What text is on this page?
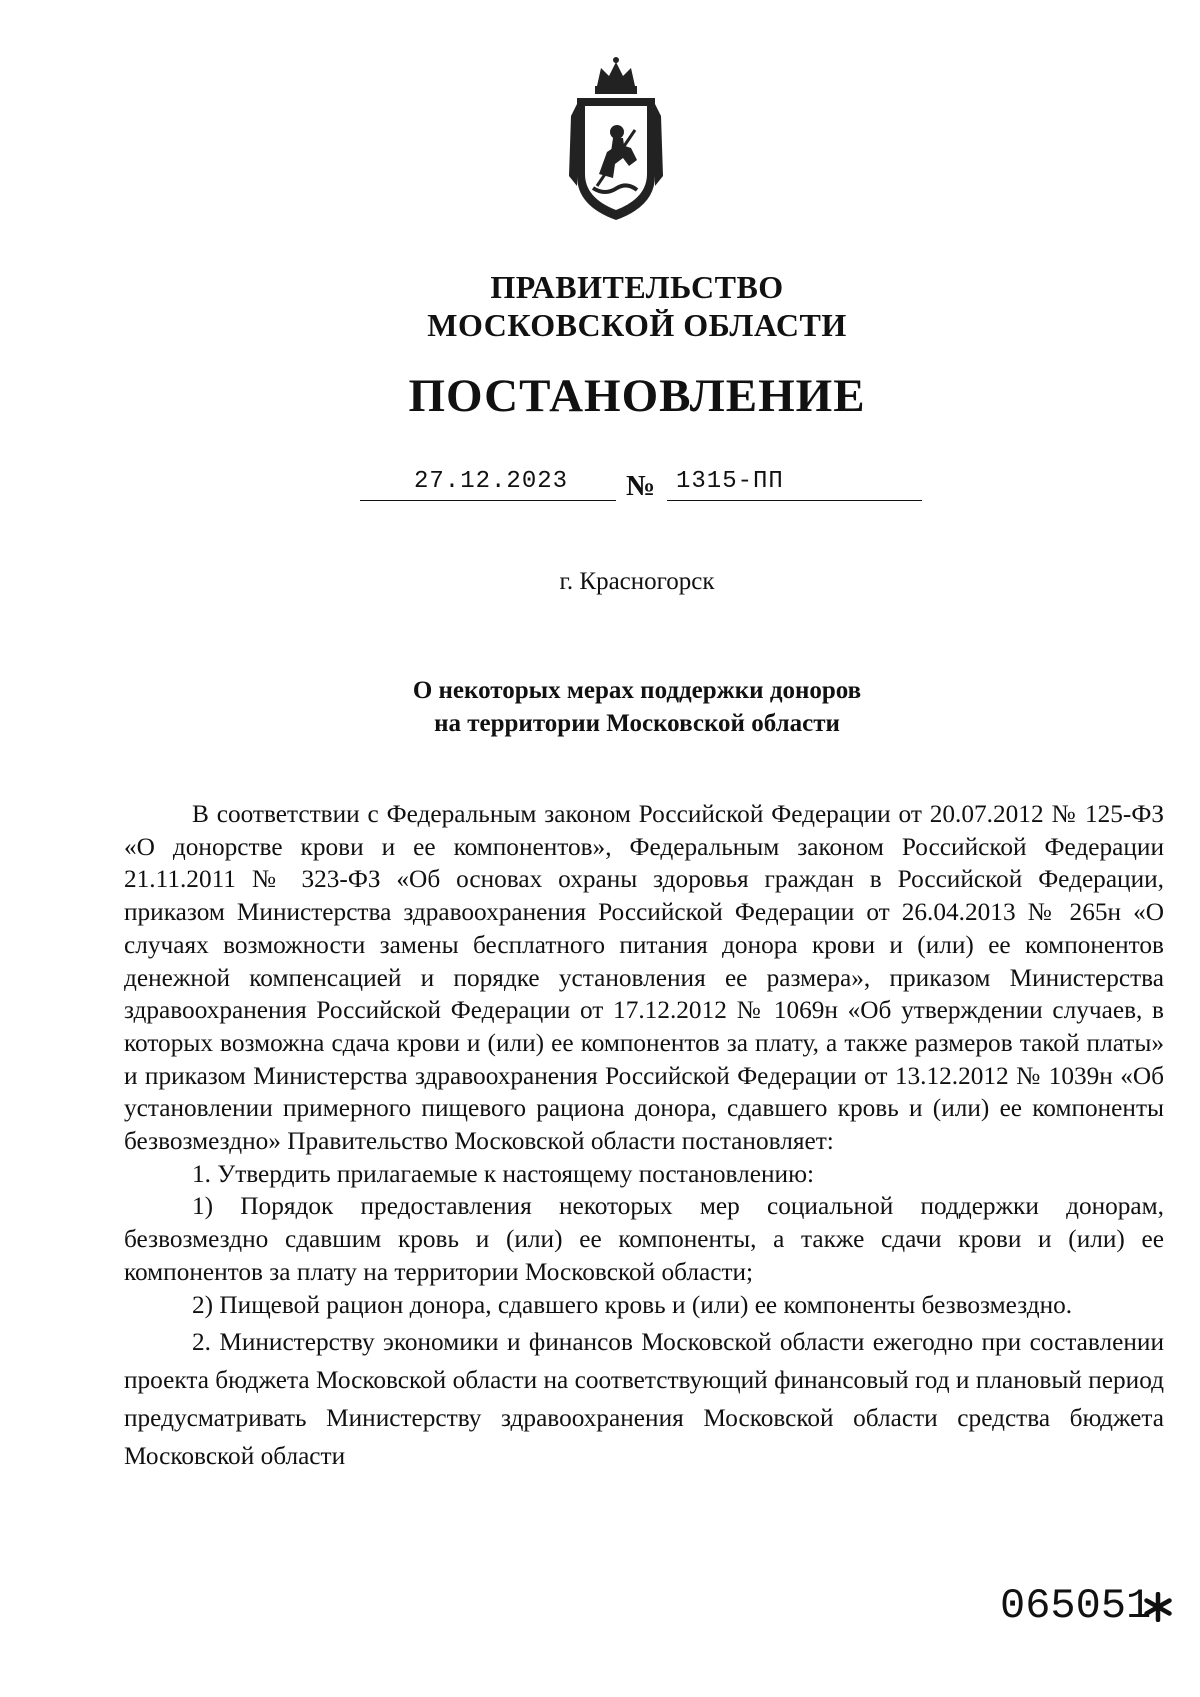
ПРАВИТЕЛЬСТВО
МОСКОВСКОЙ ОБЛАСТИ
ПОСТАНОВЛЕНИЕ
27.12.2023 № 1315-ПП
г. Красногорск
О некоторых мерах поддержки доноров
на территории Московской области

В соответствии с Федеральным законом Российской Федерации от 20.07.2012 № 125-ФЗ «О донорстве крови и ее компонентов», Федеральным законом Российской Федерации 21.11.2011 № 323-ФЗ «Об основах охраны здоровья граждан в Российской Федерации, приказом Министерства здравоохранения Российской Федерации от 26.04.2013 № 265н «О случаях возможности замены бесплатного питания донора крови и (или) ее компонентов денежной компенсацией и порядке установления ее размера», приказом Министерства здравоохранения Российской Федерации от 17.12.2012 № 1069н «Об утверждении случаев, в которых возможна сдача крови и (или) ее компонентов за плату, а также размеров такой платы» и приказом Министерства здравоохранения Российской Федерации от 13.12.2012 № 1039н «Об установлении примерного пищевого рациона донора, сдавшего кровь и (или) ее компоненты безвозмездно» Правительство Московской области постановляет:

1. Утвердить прилагаемые к настоящему постановлению:

1) Порядок предоставления некоторых мер социальной поддержки донорам, безвозмездно сдавшим кровь и (или) ее компоненты, а также сдачи крови и (или) ее компонентов за плату на территории Московской области;

2) Пищевой рацион донора, сдавшего кровь и (или) ее компоненты безвозмездно.

2. Министерству экономики и финансов Московской области ежегодно при составлении проекта бюджета Московской области на соответствующий финансовый год и плановый период предусматривать Министерству здравоохранения Московской области средства бюджета Московской области

065051
